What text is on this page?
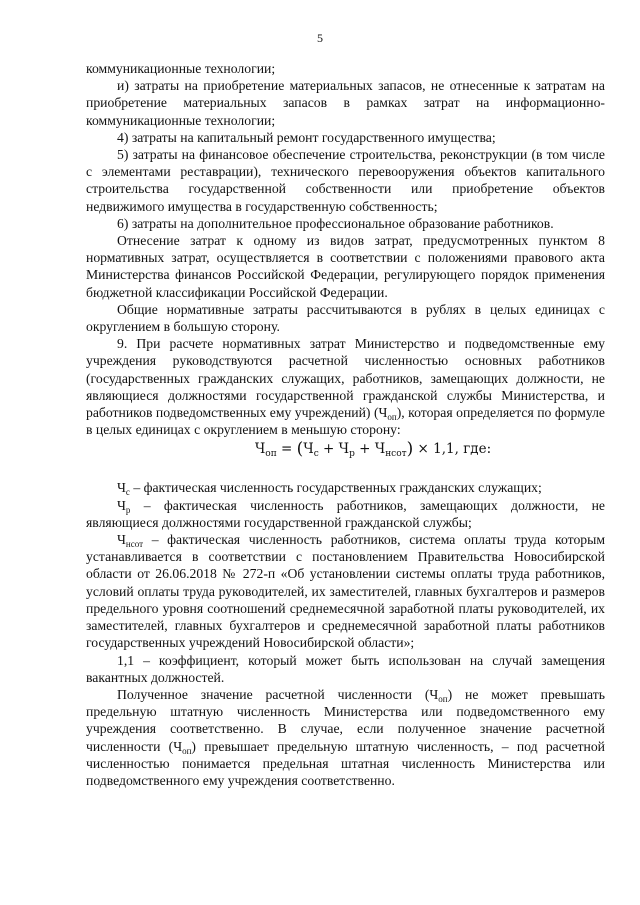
5

коммуникационные технологии;

и) затраты на приобретение материальных запасов, не отнесенные к затратам на приобретение материальных запасов в рамках затрат на информационно-коммуникационные технологии;

4) затраты на капитальный ремонт государственного имущества;

5) затраты на финансовое обеспечение строительства, реконструкции (в том числе с элементами реставрации), технического перевооружения объектов капитального строительства государственной собственности или приобретение объектов недвижимого имущества в государственную собственность;

6) затраты на дополнительное профессиональное образование работников.

Отнесение затрат к одному из видов затрат, предусмотренных пунктом 8 нормативных затрат, осуществляется в соответствии с положениями правового акта Министерства финансов Российской Федерации, регулирующего порядок применения бюджетной классификации Российской Федерации.

Общие нормативные затраты рассчитываются в рублях в целых единицах с округлением в большую сторону.

9. При расчете нормативных затрат Министерство и подведомственные ему учреждения руководствуются расчетной численностью основных работников (государственных гражданских служащих, работников, замещающих должности, не являющиеся должностями государственной гражданской службы Министерства, и работников подведомственных ему учреждений) $(Ч_{оп})$, которая определяется по формуле в целых единицах с округлением в меньшую сторону:

$Ч_{оп} = (Ч_с + Ч_р + Ч_{нсот}) \times 1,1$, где:

$Ч_с$ – фактическая численность государственных гражданских служащих;

$Ч_р$ – фактическая численность работников, замещающих должности, не являющиеся должностями государственной гражданской службы;

$Ч_{нсот}$ – фактическая численность работников, система оплаты труда которым устанавливается в соответствии с постановлением Правительства Новосибирской области от 26.06.2018 № 272-п «Об установлении системы оплаты труда работников, условий оплаты труда руководителей, их заместителей, главных бухгалтеров и размеров предельного уровня соотношений среднемесячной заработной платы руководителей, их заместителей, главных бухгалтеров и среднемесячной заработной платы работников государственных учреждений Новосибирской области»;

1,1 – коэффициент, который может быть использован на случай замещения вакантных должностей.

Полученное значение расчетной численности $(Ч_{оп})$ не может превышать предельную штатную численность Министерства или подведомственного ему учреждения соответственно. В случае, если полученное значение расчетной численности $(Ч_{оп})$ превышает предельную штатную численность, – под расчетной численностью понимается предельная штатная численность Министерства или подведомственного ему учреждения соответственно.
